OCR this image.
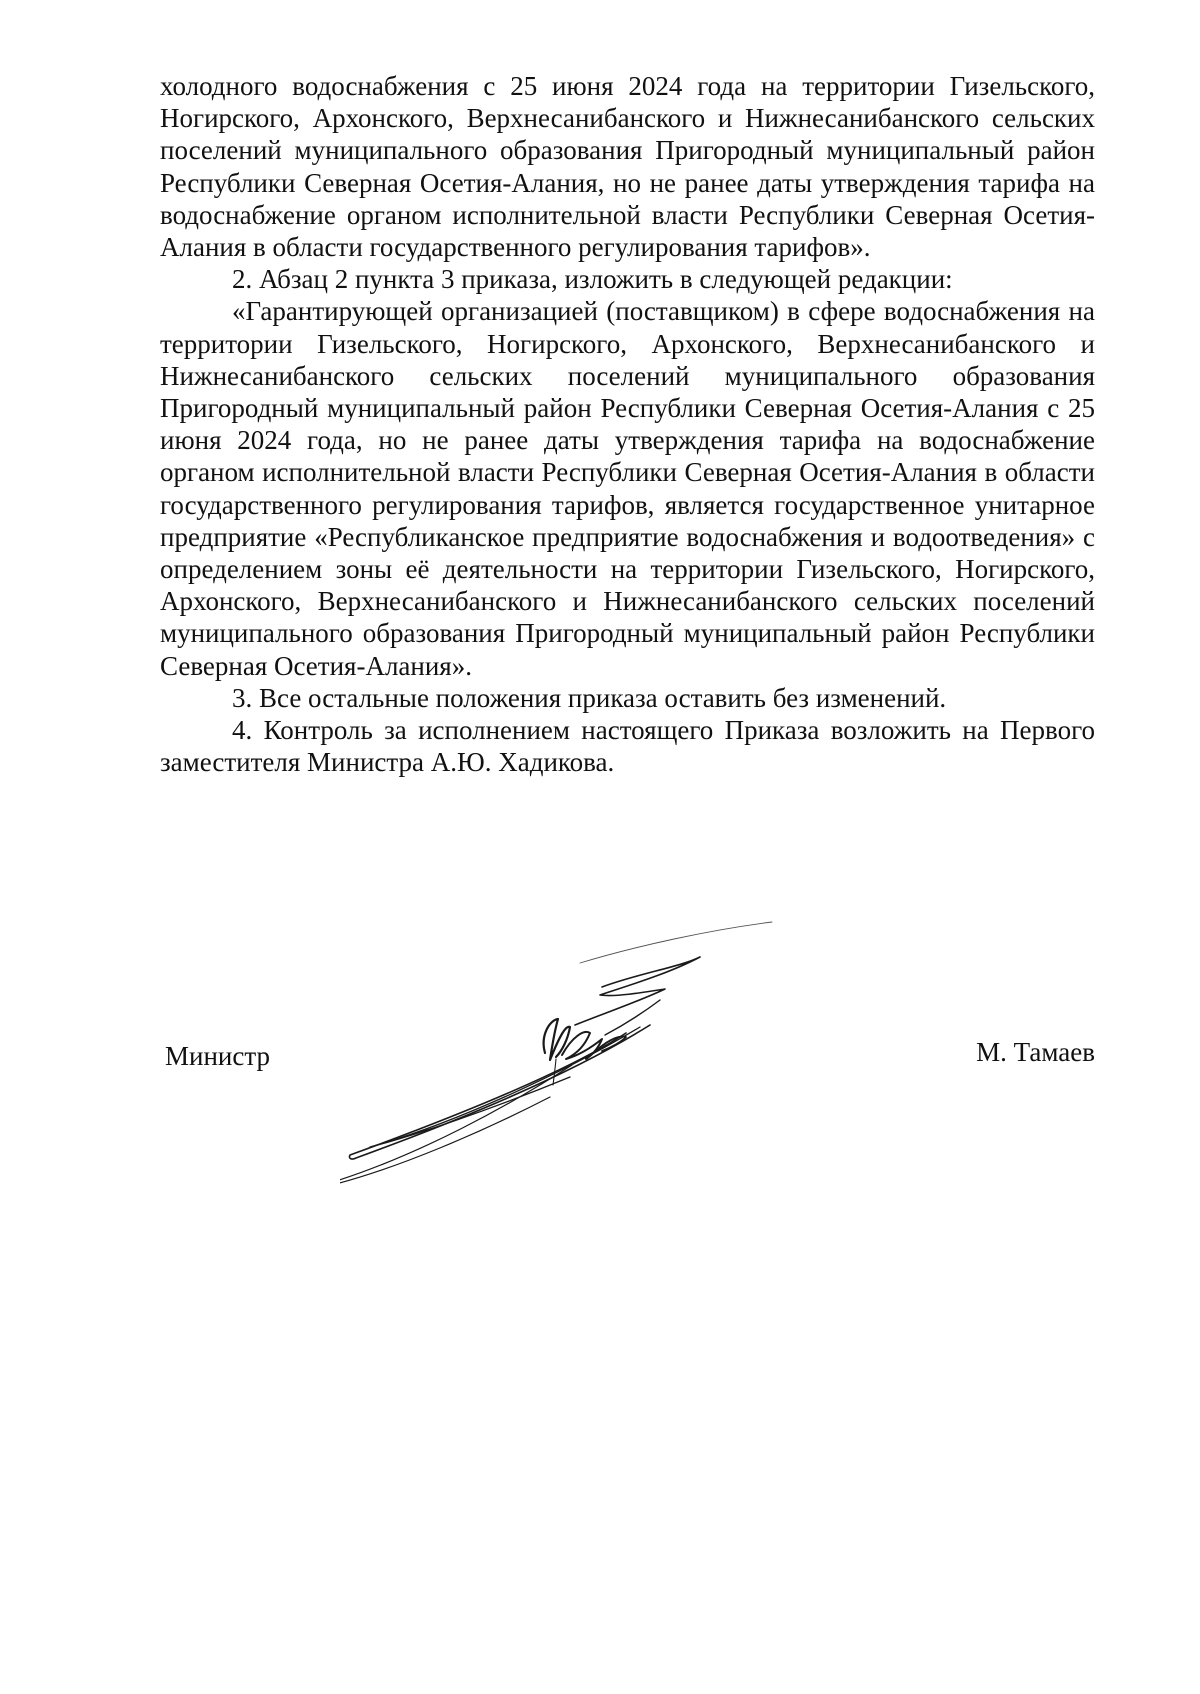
холодного водоснабжения с 25 июня 2024 года на территории Гизельского, Ногирского, Архонского, Верхнесанибанского и Нижнесанибанского сельских поселений муниципального образования Пригородный муниципальный район Республики Северная Осетия-Алания, но не ранее даты утверждения тарифа на водоснабжение органом исполнительной власти Республики Северная Осетия-Алания в области государственного регулирования тарифов».

2. Абзац 2 пункта 3 приказа, изложить в следующей редакции:

«Гарантирующей организацией (поставщиком) в сфере водоснабжения на территории Гизельского, Ногирского, Архонского, Верхнесанибанского и Нижнесанибанского сельских поселений муниципального образования Пригородный муниципальный район Республики Северная Осетия-Алания с 25 июня 2024 года, но не ранее даты утверждения тарифа на водоснабжение органом исполнительной власти Республики Северная Осетия-Алания в области государственного регулирования тарифов, является государственное унитарное предприятие «Республиканское предприятие водоснабжения и водоотведения» с определением зоны её деятельности на территории Гизельского, Ногирского, Архонского, Верхнесанибанского и Нижнесанибанского сельских поселений муниципального образования Пригородный муниципальный район Республики Северная Осетия-Алания».

3. Все остальные положения приказа оставить без изменений.

4. Контроль за исполнением настоящего Приказа возложить на Первого заместителя Министра А.Ю. Хадикова.

Министр	М. Тамаев
